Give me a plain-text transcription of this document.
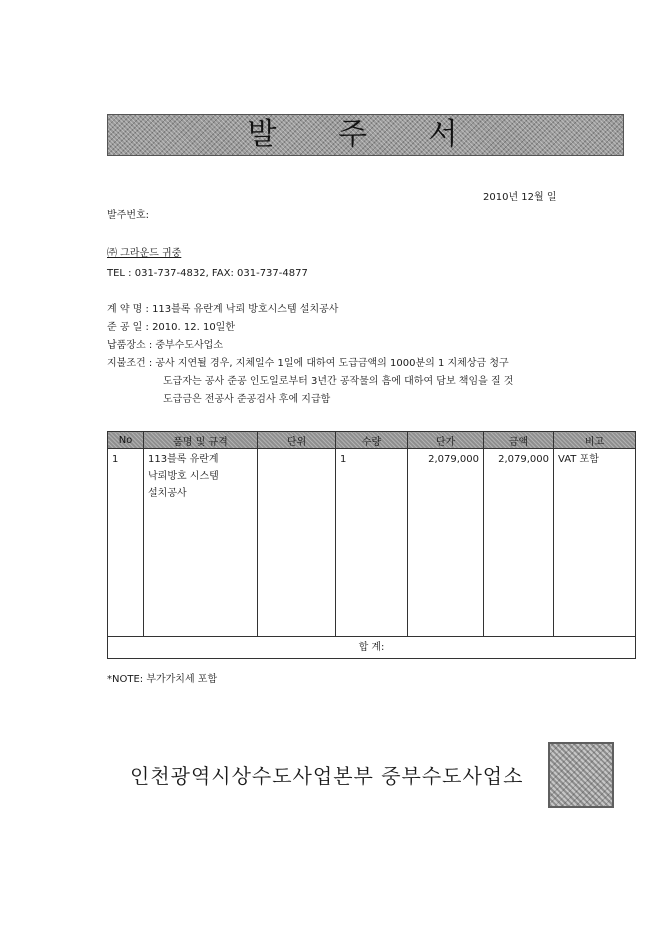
발 주 서
2010년 12월 일
발주번호:
㈜ 그라운드 귀중
TEL : 031-737-4832, FAX: 031-737-4877
계 약 명 : 113블록 유란계 낙뢰 방호시스템 설치공사
준 공 일 : 2010. 12. 10일한
납품장소 : 중부수도사업소
지불조건 : 공사 지연될 경우, 지체일수 1일에 대하여 도급금액의 1000분의 1 지체상금 청구
도급자는 공사 준공 인도일로부터 3년간 공작물의 흠에 대하여 담보 책임을 질 것
도급금은 전공사 준공검사 후에 지급함
No	품명 및 규격	단위	수량	단가	금액	비고
1	113블록 유란계
낙뢰방호 시스템
설치공사		1	2,079,000	2,079,000	VAT 포함
합 계:						
*NOTE: 부가가치세 포함
인천광역시상수도사업본부 중부수도사업소
